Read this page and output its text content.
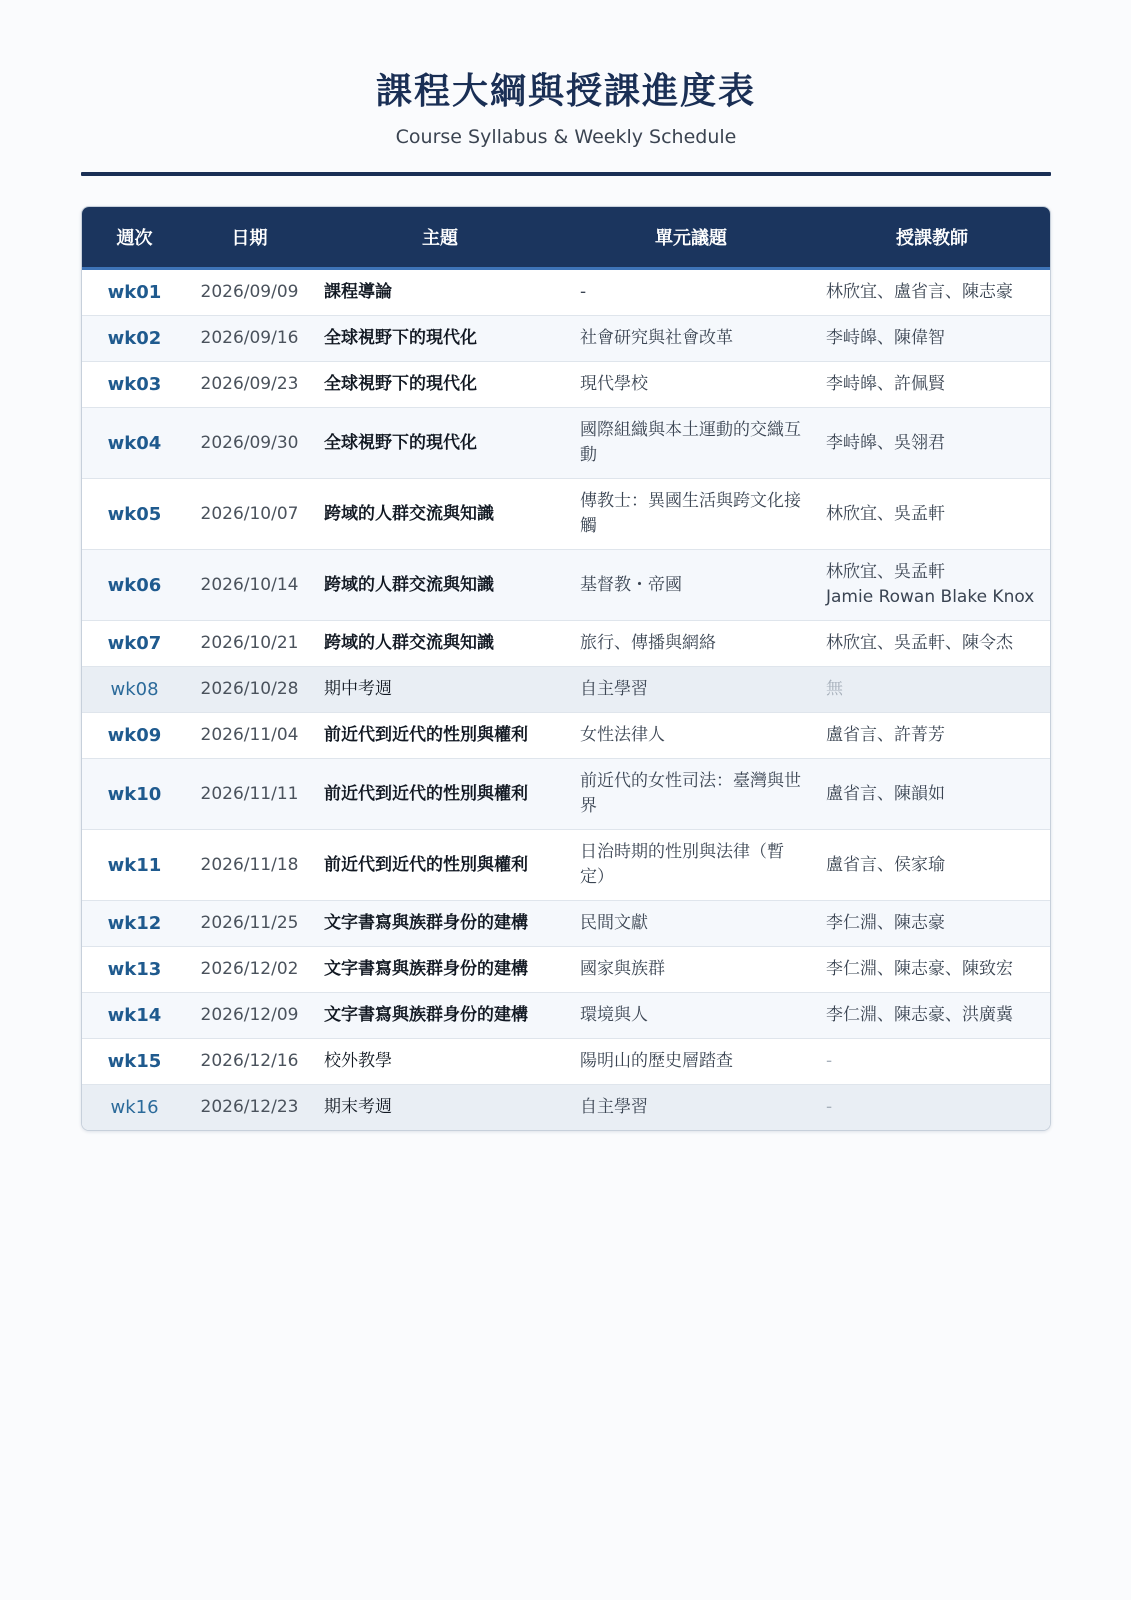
課程大綱與授課進度表
Course Syllabus & Weekly Schedule
週次	日期	主題	單元議題	授課教師
wk01	2026/09/09	課程導論	-	林欣宜、盧省言、陳志豪
wk02	2026/09/16	全球視野下的現代化	社會研究與社會改革	李峙皞、陳偉智
wk03	2026/09/23	全球視野下的現代化	現代學校	李峙皞、許佩賢
wk04	2026/09/30	全球視野下的現代化	國際組織與本土運動的交織互動	李峙皞、吳翎君
wk05	2026/10/07	跨域的人群交流與知識	傳教士：異國生活與跨文化接觸	林欣宜、吳孟軒
wk06	2026/10/14	跨域的人群交流與知識	基督教・帝國	林欣宜、吳孟軒
Jamie Rowan Blake Knox
wk07	2026/10/21	跨域的人群交流與知識	旅行、傳播與網絡	林欣宜、吳孟軒、陳令杰
wk08	2026/10/28	期中考週	自主學習	無
wk09	2026/11/04	前近代到近代的性別與權利	女性法律人	盧省言、許菁芳
wk10	2026/11/11	前近代到近代的性別與權利	前近代的女性司法：臺灣與世界	盧省言、陳韻如
wk11	2026/11/18	前近代到近代的性別與權利	日治時期的性別與法律（暫定）	盧省言、侯家瑜
wk12	2026/11/25	文字書寫與族群身份的建構	民間文獻	李仁淵、陳志豪
wk13	2026/12/02	文字書寫與族群身份的建構	國家與族群	李仁淵、陳志豪、陳致宏
wk14	2026/12/09	文字書寫與族群身份的建構	環境與人	李仁淵、陳志豪、洪廣冀
wk15	2026/12/16	校外教學	陽明山的歷史層踏查	-
wk16	2026/12/23	期末考週	自主學習	-
